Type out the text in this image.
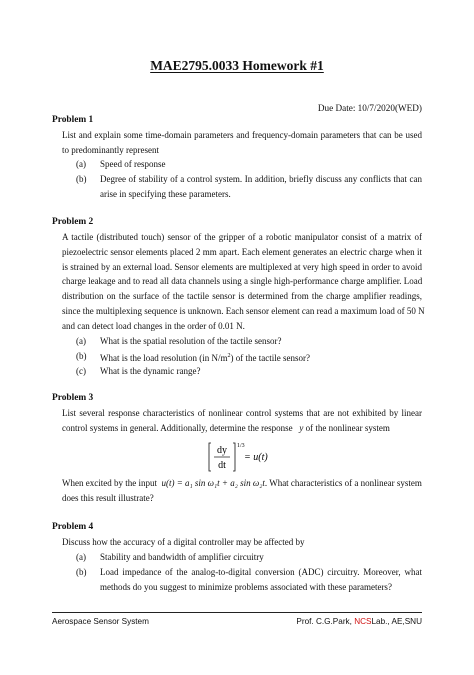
MAE2795.0033 Homework #1
Due Date: 10/7/2020(WED)
Problem 1
List and explain some time-domain parameters and frequency-domain parameters that can be used
to predominantly represent
(a) Speed of response
(b) Degree of stability of a control system. In addition, briefly discuss any conflicts that can
arise in specifying these parameters.
Problem 2
A tactile (distributed touch) sensor of the gripper of a robotic manipulator consist of a matrix of
piezoelectric sensor elements placed 2 mm apart. Each element generates an electric charge when it
is strained by an external load. Sensor elements are multiplexed at very high speed in order to avoid
charge leakage and to read all data channels using a single high-performance charge amplifier. Load
distribution on the surface of the tactile sensor is determined from the charge amplifier readings,
since the multiplexing sequence is unknown. Each sensor element can read a maximum load of 50 N
and can detect load changes in the order of 0.01 N.
(a) What is the spatial resolution of the tactile sensor?
(b) What is the load resolution (in $N/m^2$) of the tactile sensor?
(c) What is the dynamic range?
Problem 3
List several response characteristics of nonlinear control systems that are not exhibited by linear
control systems in general. Additionally, determine the response y of the nonlinear system
dy
dt
1/3
= u(t)
When excited by the input u(t) = a₁ sin ω₁t + a₂ sin ω₂t. What characteristics of a nonlinear system
does this result illustrate?
Problem 4
Discuss how the accuracy of a digital controller may be affected by
(a) Stability and bandwidth of amplifier circuitry
(b) Load impedance of the analog-to-digital conversion (ADC) circuitry. Moreover, what
methods do you suggest to minimize problems associated with these parameters?
Aerospace Sensor System	Prof. C.G.Park, NCSLab., AE,SNU
